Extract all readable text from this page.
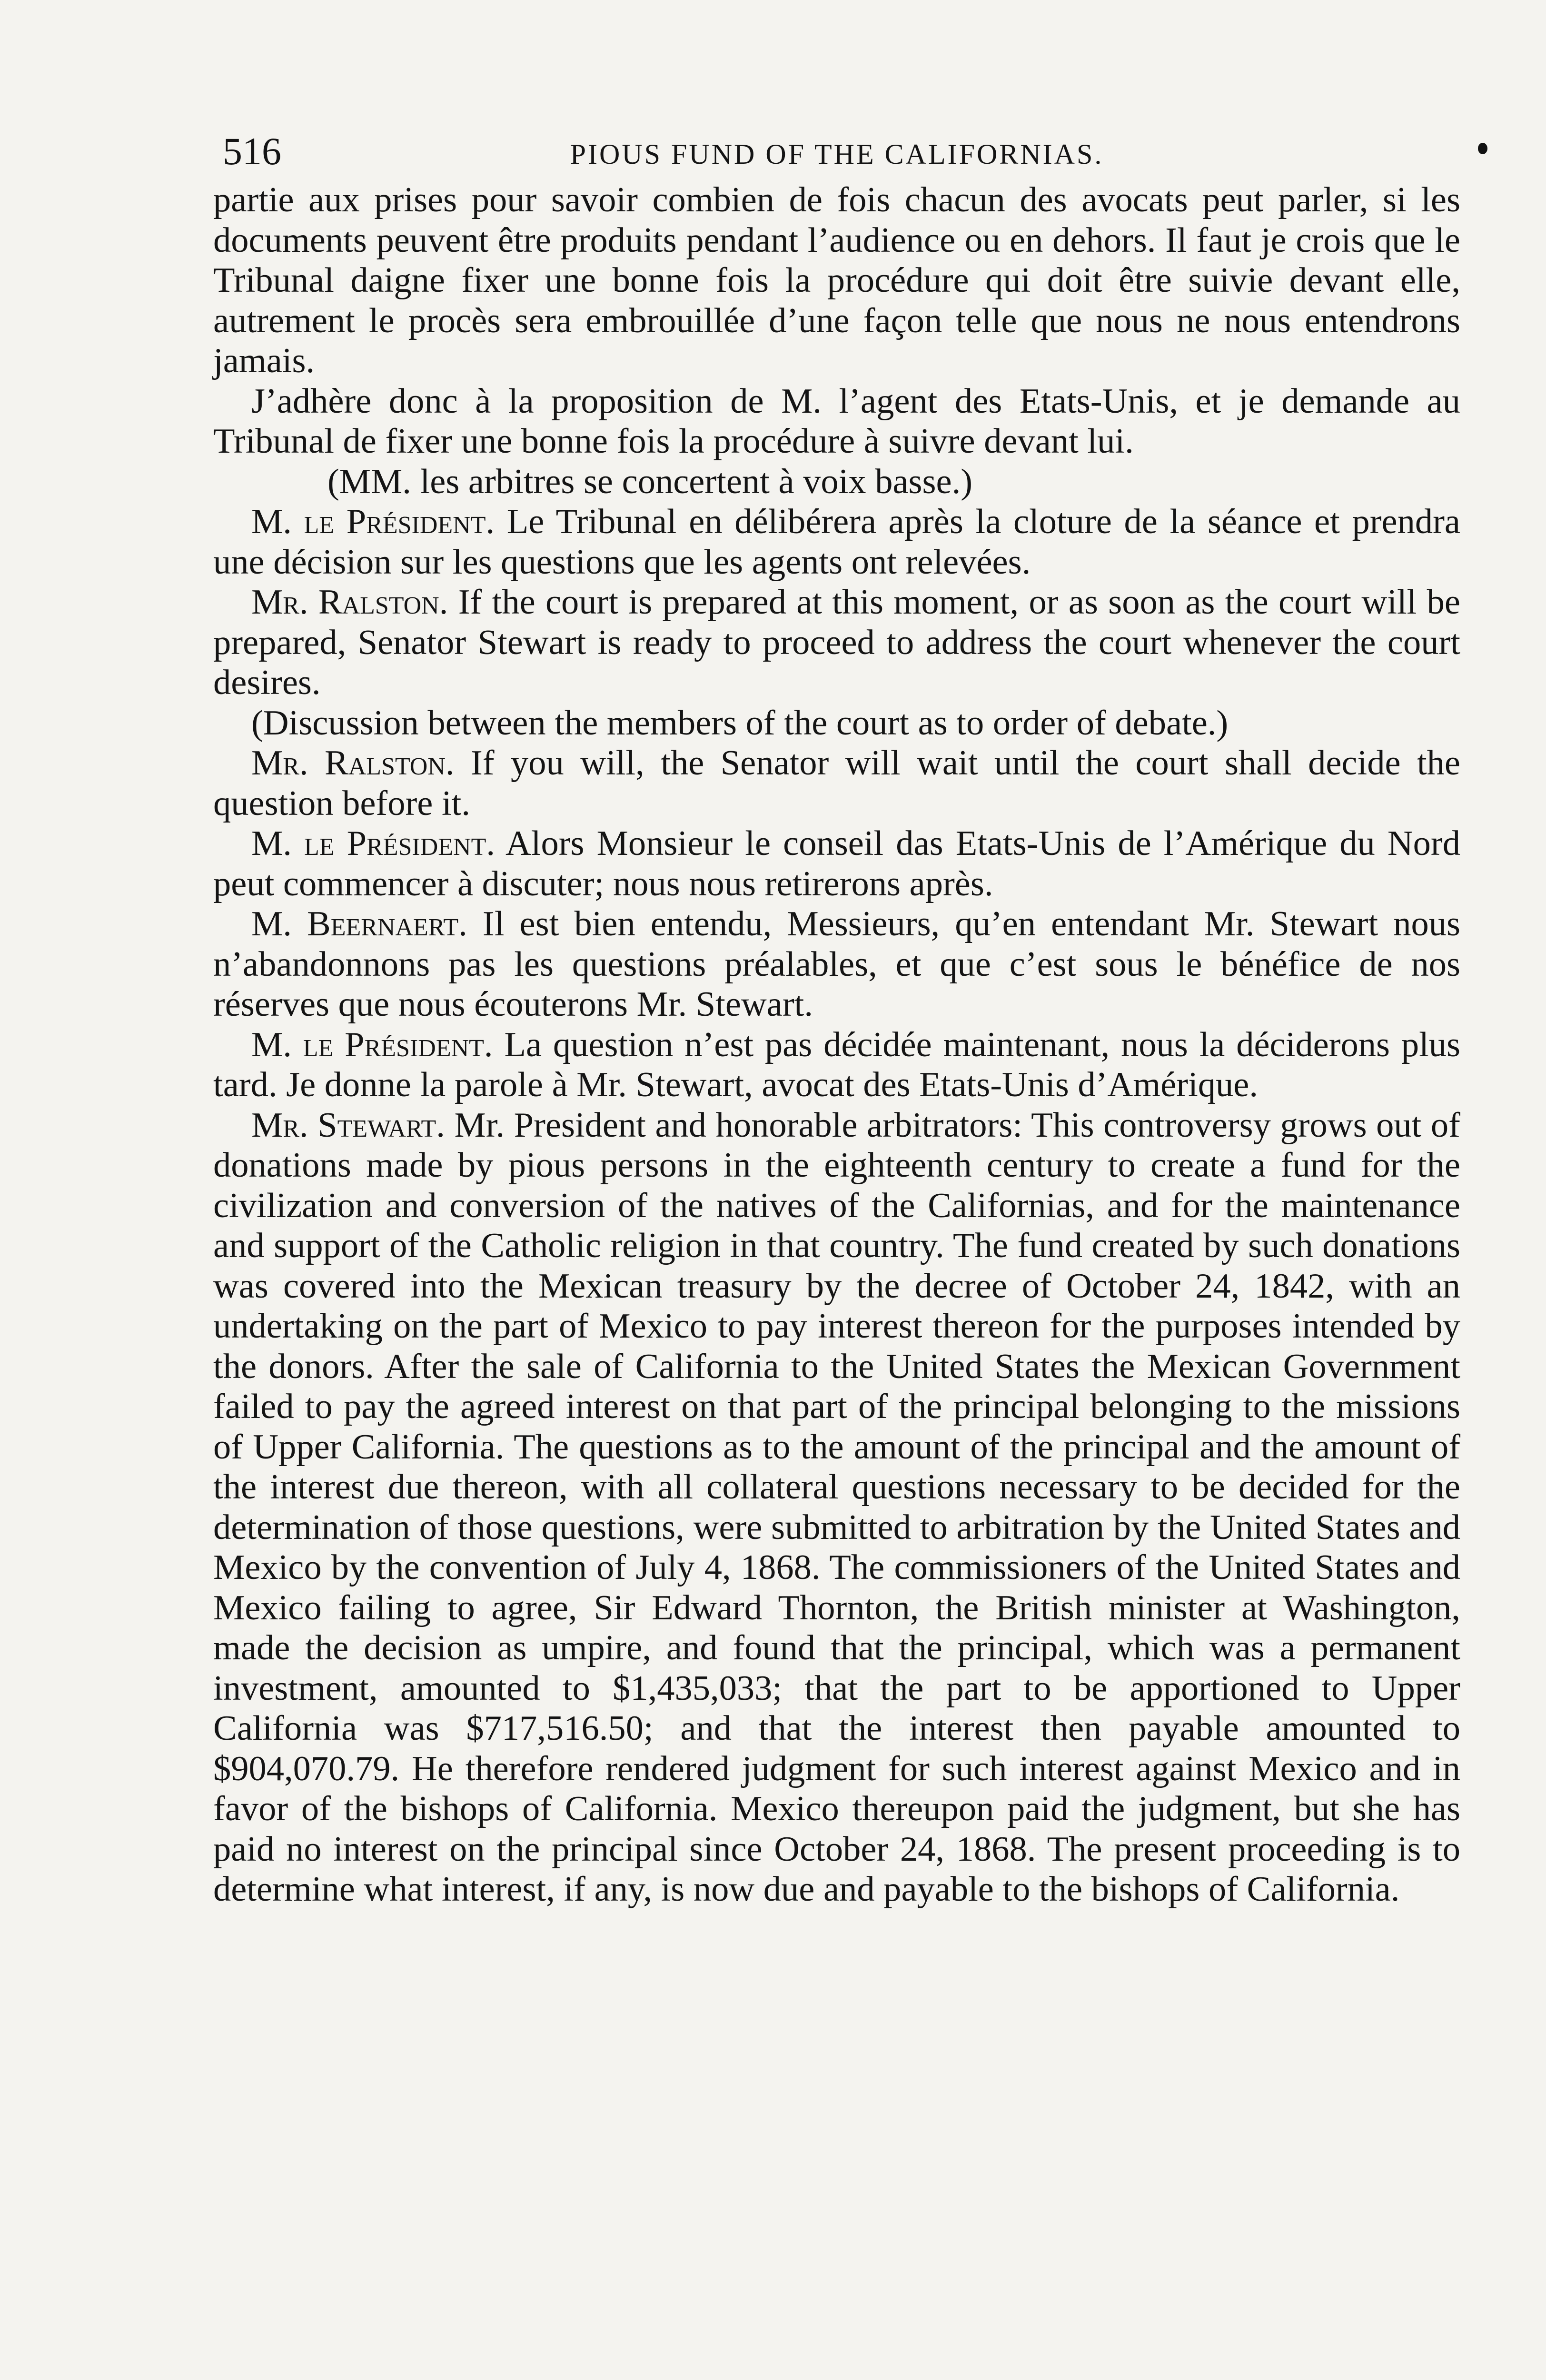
516	PIOUS FUND OF THE CALIFORNIAS.

partie aux prises pour savoir combien de fois chacun des avocats peut parler, si les documents peuvent être produits pendant l’audience ou en dehors. Il faut je crois que le Tribunal daigne fixer une bonne fois la procédure qui doit être suivie devant elle, autrement le procès sera embrouillée d’une façon telle que nous ne nous entendrons jamais.

J’adhère donc à la proposition de M. l’agent des Etats-Unis, et je demande au Tribunal de fixer une bonne fois la procédure à suivre devant lui.

(MM. les arbitres se concertent à voix basse.)

M. le Président. Le Tribunal en délibérera après la cloture de la séance et prendra une décision sur les questions que les agents ont relevées.

Mr. Ralston. If the court is prepared at this moment, or as soon as the court will be prepared, Senator Stewart is ready to proceed to address the court whenever the court desires.

(Discussion between the members of the court as to order of debate.)

Mr. Ralston. If you will, the Senator will wait until the court shall decide the question before it.

M. le Président. Alors Monsieur le conseil das Etats-Unis de l’Amérique du Nord peut commencer à discuter; nous nous retirerons après.

M. Beernaert. Il est bien entendu, Messieurs, qu’en entendant Mr. Stewart nous n’abandonnons pas les questions préalables, et que c’est sous le bénéfice de nos réserves que nous écouterons Mr. Stewart.

M. le Président. La question n’est pas décidée maintenant, nous la déciderons plus tard. Je donne la parole à Mr. Stewart, avocat des Etats-Unis d’Amérique.

Mr. Stewart. Mr. President and honorable arbitrators: This controversy grows out of donations made by pious persons in the eighteenth century to create a fund for the civilization and conversion of the natives of the Californias, and for the maintenance and support of the Catholic religion in that country. The fund created by such donations was covered into the Mexican treasury by the decree of October 24, 1842, with an undertaking on the part of Mexico to pay interest thereon for the purposes intended by the donors. After the sale of California to the United States the Mexican Government failed to pay the agreed interest on that part of the principal belonging to the missions of Upper California. The questions as to the amount of the principal and the amount of the interest due thereon, with all collateral questions necessary to be decided for the determination of those questions, were submitted to arbitration by the United States and Mexico by the convention of July 4, 1868. The commissioners of the United States and Mexico failing to agree, Sir Edward Thornton, the British minister at Washington, made the decision as umpire, and found that the principal, which was a permanent investment, amounted to $1,435,033; that the part to be apportioned to Upper California was $717,516.50; and that the interest then payable amounted to $904,070.79. He therefore rendered judgment for such interest against Mexico and in favor of the bishops of California. Mexico thereupon paid the judgment, but she has paid no interest on the principal since October 24, 1868. The present proceeding is to determine what interest, if any, is now due and payable to the bishops of California.
